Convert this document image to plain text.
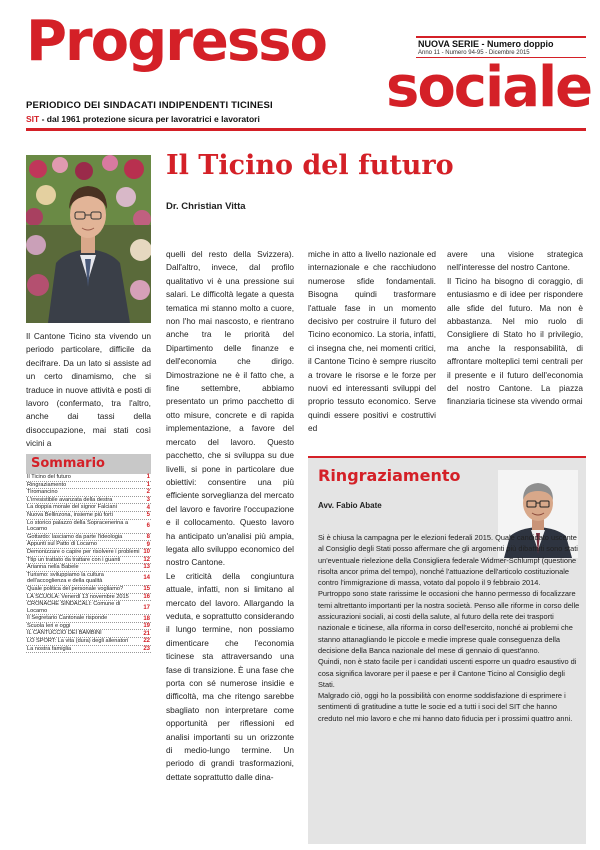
Progresso
sociale
NUOVA SERIE - Numero doppio
Anno 11 - Numero 94-95 - Dicembre 2015
PERIODICO DEI SINDACATI INDIPENDENTI TICINESI
SIT - dal 1961 protezione sicura per lavoratrici e lavoratori
Il Ticino del futuro
Dr. Christian Vitta

Il Cantone Ticino sta vivendo un periodo particolare, difficile da decifrare. Da un lato si assiste ad un certo dinamismo, che si traduce in nuove attività e posti di lavoro (confermato, tra l'altro, anche dai tassi della disoccupazione, mai stati così vicini a

quelli del resto della Svizzera). Dall'altro, invece, dal profilo qualitativo vi è una pressione sui salari. Le difficoltà legate a questa tematica mi stanno molto a cuore, non l'ho mai nascosto, e rientrano anche tra le priorità del Dipartimento delle finanze e dell'economia che dirigo. Dimostrazione ne è il fatto che, a fine settembre, abbiamo presentato un primo pacchetto di otto misure, concrete e di rapida implementazione, a favore del mercato del lavoro. Questo pacchetto, che si sviluppa su due livelli, si pone in particolare due obiettivi: consentire una più efficiente sorveglianza del mercato del lavoro e favorire l'occupazione e il collocamento. Questo lavoro ha anticipato un'analisi più ampia, legata allo sviluppo economico del nostro Cantone.

Le criticità della congiuntura attuale, infatti, non si limitano al mercato del lavoro. Allargando la veduta, e soprattutto considerando il lungo termine, non possiamo dimenticare che l'economia ticinese sta attraversando una fase di transizione. È una fase che porta con sé numerose insidie e difficoltà, ma che ritengo sarebbe sbagliato non interpretare come opportunità per riflessioni ed analisi importanti su un orizzonte di medio-lungo termine. Un periodo di grandi trasformazioni, dettate soprattutto dalle dina-

miche in atto a livello nazionale ed internazionale e che racchiudono numerose sfide fondamentali. Bisogna quindi trasformare l'attuale fase in un momento decisivo per costruire il futuro del Ticino economico. La storia, infatti, ci insegna che, nei momenti critici, il Cantone Ticino è sempre riuscito a trovare le risorse e le forze per nuovi ed interessanti sviluppi del proprio tessuto economico. Serve quindi essere positivi e costruttivi ed

avere una visione strategica nell'interesse del nostro Cantone.

Il Ticino ha bisogno di coraggio, di entusiasmo e di idee per rispondere alle sfide del futuro. Ma non è abbastanza. Nel mio ruolo di Consigliere di Stato ho il privilegio, ma anche la responsabilità, di affrontare molteplici temi centrali per il presente e il futuro dell'economia del nostro Cantone. La piazza finanziaria ticinese sta vivendo ormai

Sommario
Il Ticino del futuro	1
Ringraziamento	1
Tiromancino	2
L'irresistibile avanzata della destra	3
La doppia morale del signor Falciani	4
Nuova Bellinzona, insieme più forti	5
Lo storico palazzo della Sopracenerina a Locarno	6
Gottardo: lasciamo da parte l'ideologia	8
Appunti sul Patto di Locarno	9
Demonizzare o capire per risolvere i problemi 10
Ttip un trattato da trattare con i guanti	12
Arianna nella Babele	13
Turismo: sviluppiamo la cultura dell'accoglienza e della qualità	14
Quale politica del personale vogliamo?	15
LA SCUOLA: Venerdì 13 novembre 2015	16
CRONACHE SINDACALI: Comune di Locarno	17
Il Segretario Cantonale risponde	18
Scuola Ieri e oggi	19
IL CANTUCCIO DEI BAMBINI	21
LO SPORT: La vita (dura) degli allenatori	22
La nostra famiglia	23
Ringraziamento
Avv. Fabio Abate

Si è chiusa la campagna per le elezioni federali 2015. Quale candidato uscente al Consiglio degli Stati posso affermare che gli argomenti più dibattuti sono stati un'eventuale rielezione della Consigliera federale Widmer-Schlumpf (questione risolta ancor prima del tempo), nonché l'attuazione dell'articolo costituzionale contro l'immigrazione di massa, votato dal popolo il 9 febbraio 2014.

Purtroppo sono state rarissime le occasioni che hanno permesso di focalizzare temi altrettanto importanti per la nostra società. Penso alle riforme in corso delle assicurazioni sociali, ai costi della salute, al futuro della rete dei trasporti nazionale e ticinese, alla riforma in corso dell'esercito, nonché ai problemi che stanno attanagliando le piccole e medie imprese quale conseguenza della decisione della Banca nazionale del mese di gennaio di quest'anno.

Quindi, non è stato facile per i candidati uscenti esporre un quadro esaustivo di cosa significa lavorare per il paese e per il Cantone Ticino al Consiglio degli Stati.

Malgrado ciò, oggi ho la possibilità con enorme soddisfazione di esprimere i sentimenti di gratitudine a tutte le socie ed a tutti i soci del SIT che hanno creduto nel mio lavoro e che mi hanno dato fiducia per i prossimi quattro anni.
